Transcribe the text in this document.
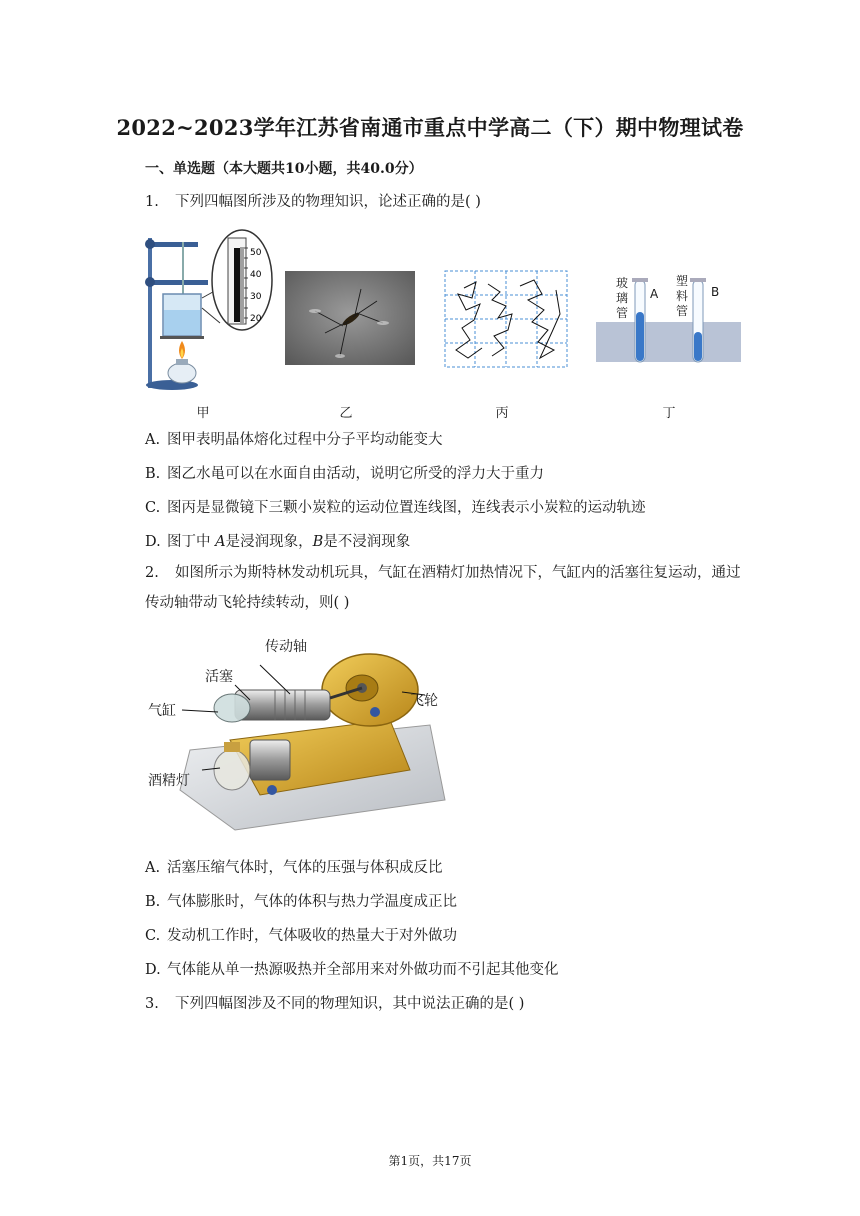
2022~2023学年江苏省南通市重点中学高二（下）期中物理试卷
一、单选题（本大题共10小题，共40.0分）
1. 下列四幅图所涉及的物理知识，论述正确的是( )
50
40
30
20
玻璃管
A
塑料管
B
甲	乙	丙	丁
A. 图甲表明晶体熔化过程中分子平均动能变大
B. 图乙水黾可以在水面自由活动，说明它所受的浮力大于重力
C. 图丙是显微镜下三颗小炭粒的运动位置连线图，连线表示小炭粒的运动轨迹
D. 图丁中 A是浸润现象，B是不浸润现象
2. 如图所示为斯特林发动机玩具，气缸在酒精灯加热情况下，气缸内的活塞往复运动，通过传动轴带动飞轮持续转动，则( )
传动轴
活塞
气缸
飞轮
酒精灯
A. 活塞压缩气体时，气体的压强与体积成反比
B. 气体膨胀时，气体的体积与热力学温度成正比
C. 发动机工作时，气体吸收的热量大于对外做功
D. 气体能从单一热源吸热并全部用来对外做功而不引起其他变化
3. 下列四幅图涉及不同的物理知识，其中说法正确的是( )
第1页，共17页
